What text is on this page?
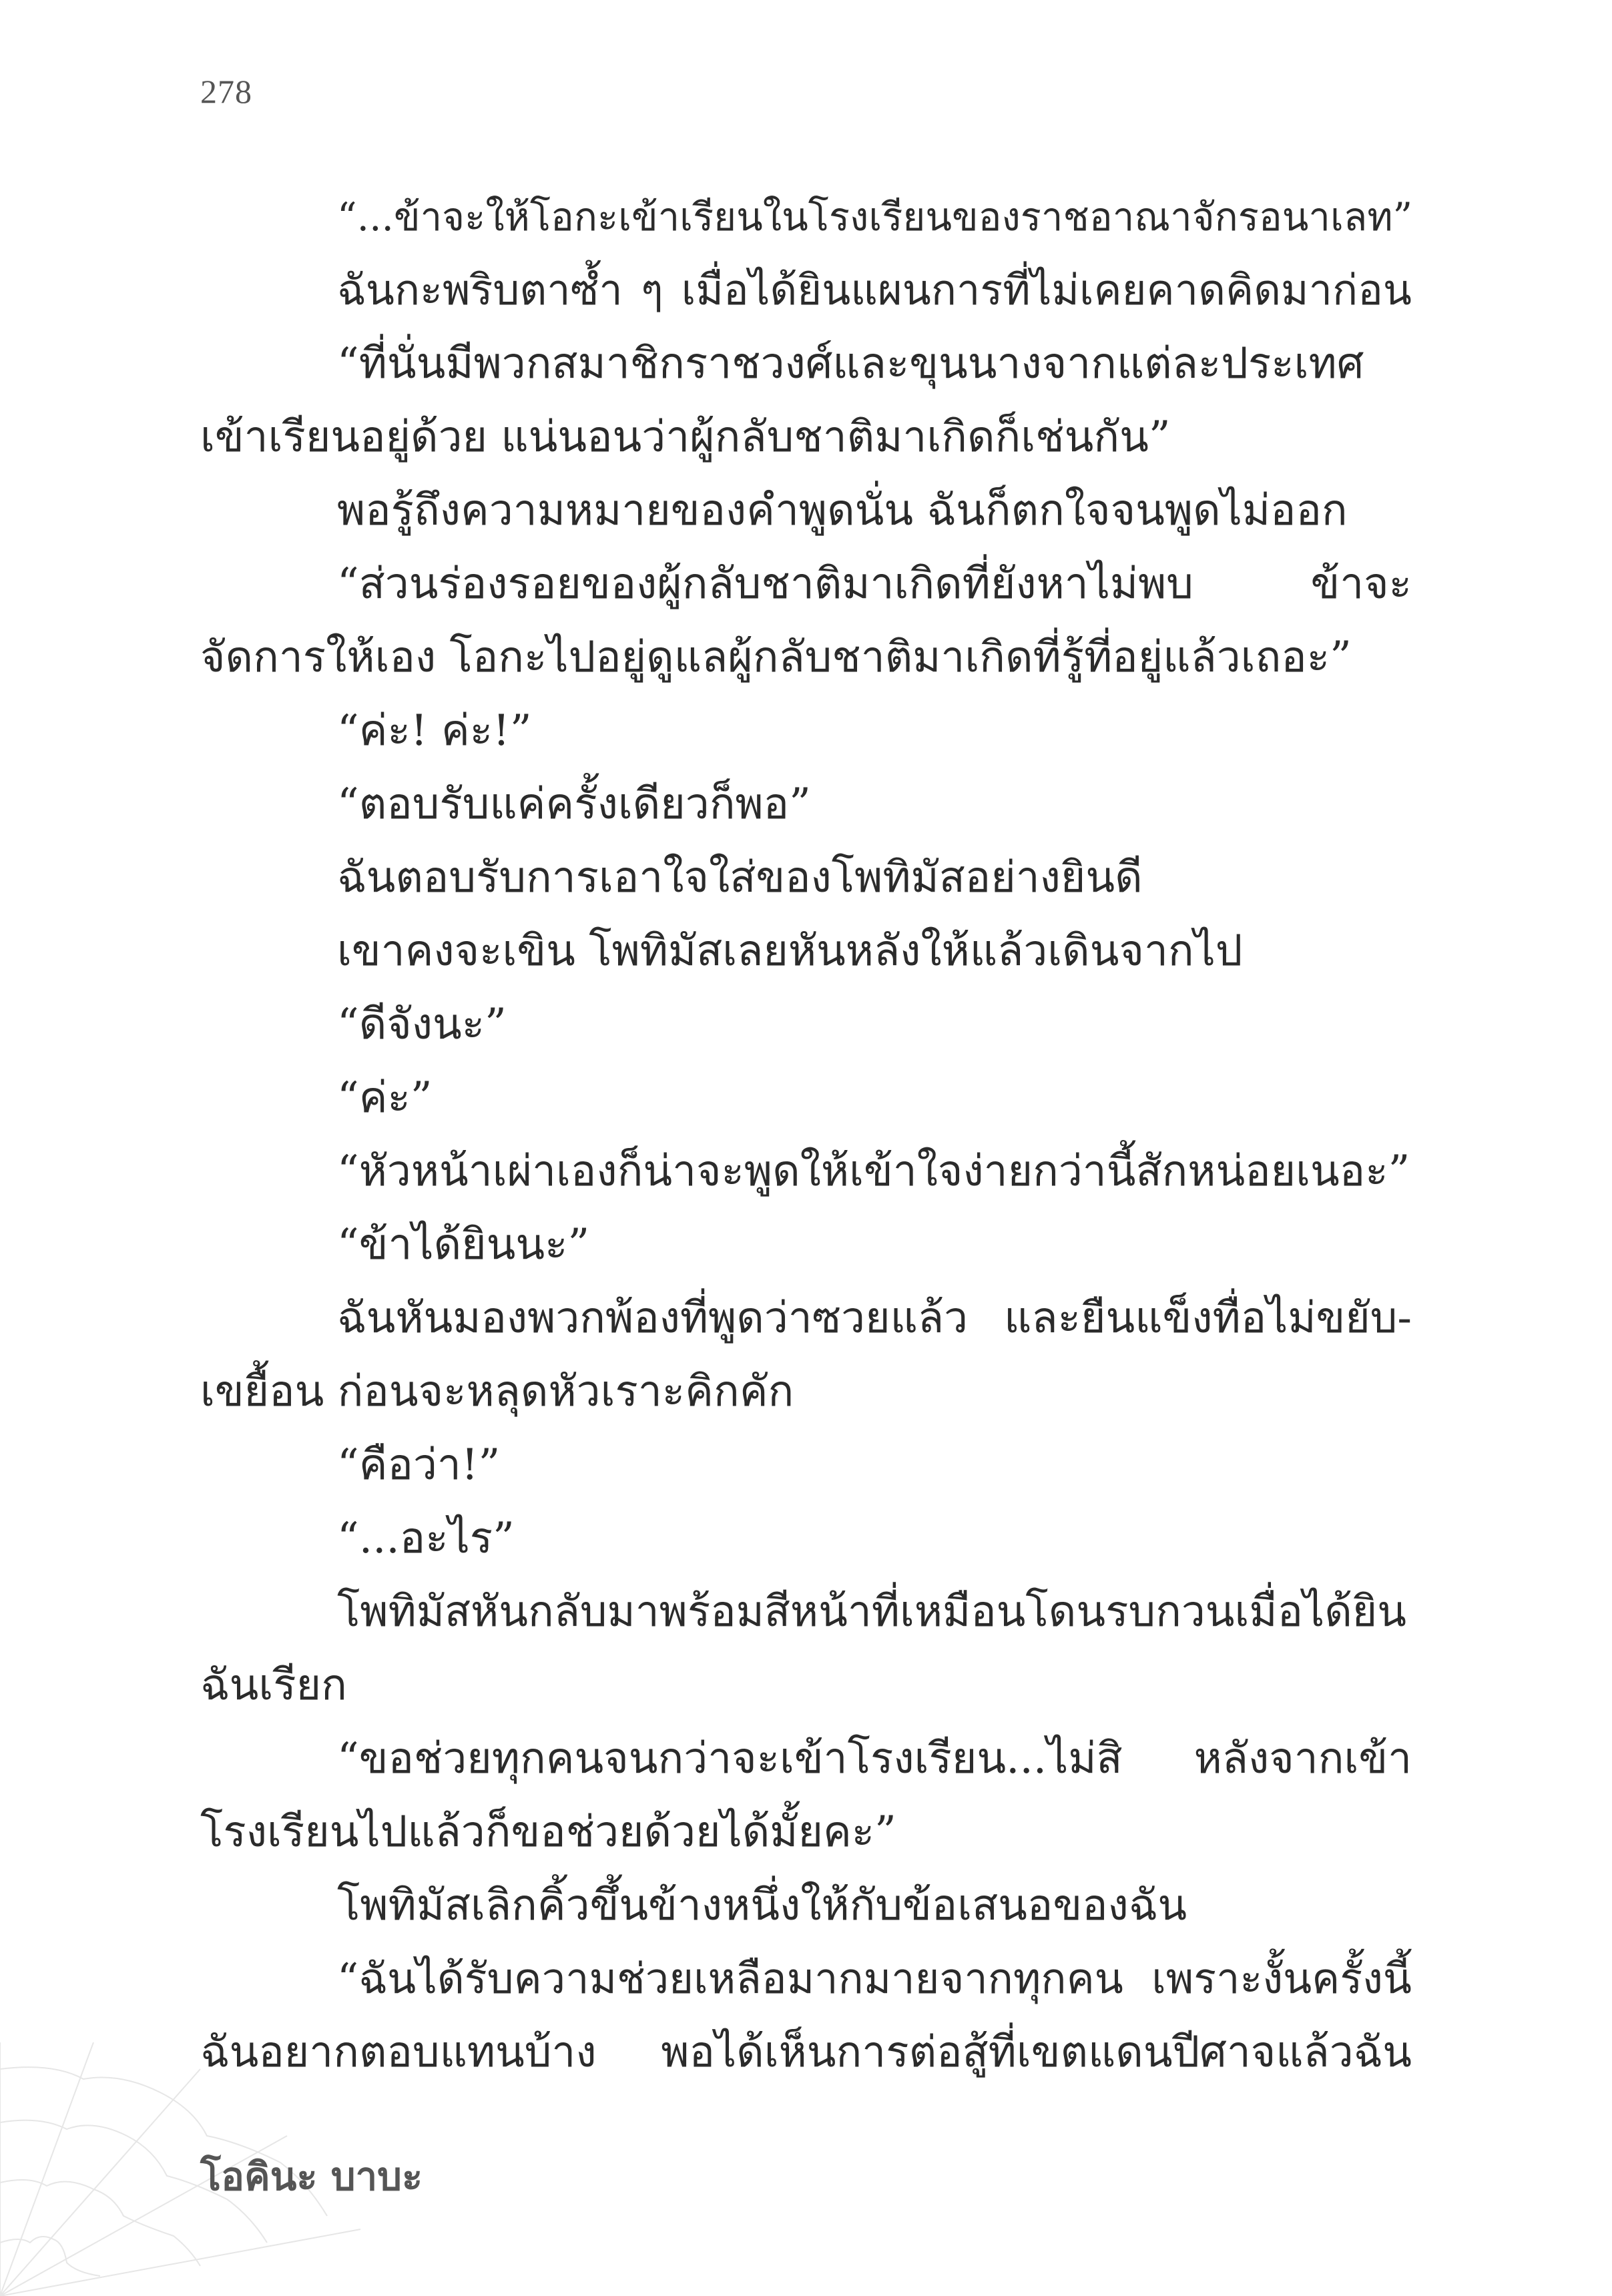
278
“...ข้าจะให้โอกะเข้าเรียนในโรงเรียนของราชอาณาจักรอนาเลท”
ฉันกะพริบตาซ้ำ ๆ เมื่อได้ยินแผนการที่ไม่เคยคาดคิดมาก่อน
“ที่นั่นมีพวกสมาชิกราชวงศ์และขุนนางจากแต่ละประเทศ
เข้าเรียนอยู่ด้วย แน่นอนว่าผู้กลับชาติมาเกิดก็เช่นกัน”
พอรู้ถึงความหมายของคำพูดนั่น ฉันก็ตกใจจนพูดไม่ออก
“ส่วนร่องรอยของผู้กลับชาติมาเกิดที่ยังหาไม่พบ ข้าจะ
จัดการให้เอง โอกะไปอยู่ดูแลผู้กลับชาติมาเกิดที่รู้ที่อยู่แล้วเถอะ”
“ค่ะ! ค่ะ!”
“ตอบรับแค่ครั้งเดียวก็พอ”
ฉันตอบรับการเอาใจใส่ของโพทิมัสอย่างยินดี
เขาคงจะเขิน โพทิมัสเลยหันหลังให้แล้วเดินจากไป
“ดีจังนะ”
“ค่ะ”
“หัวหน้าเผ่าเองก็น่าจะพูดให้เข้าใจง่ายกว่านี้สักหน่อยเนอะ”
“ข้าได้ยินนะ”
ฉันหันมองพวกพ้องที่พูดว่าซวยแล้ว และยืนแข็งทื่อไม่ขยับ-
เขยื้อน ก่อนจะหลุดหัวเราะคิกคัก
“คือว่า!”
“...อะไร”
โพทิมัสหันกลับมาพร้อมสีหน้าที่เหมือนโดนรบกวนเมื่อได้ยิน
ฉันเรียก
“ขอช่วยทุกคนจนกว่าจะเข้าโรงเรียน...ไม่สิ หลังจากเข้า
โรงเรียนไปแล้วก็ขอช่วยด้วยได้มั้ยคะ”
โพทิมัสเลิกคิ้วขึ้นข้างหนึ่งให้กับข้อเสนอของฉัน
“ฉันได้รับความช่วยเหลือมากมายจากทุกคน เพราะงั้นครั้งนี้
ฉันอยากตอบแทนบ้าง พอได้เห็นการต่อสู้ที่เขตแดนปีศาจแล้วฉัน
โอคินะ บาบะ
